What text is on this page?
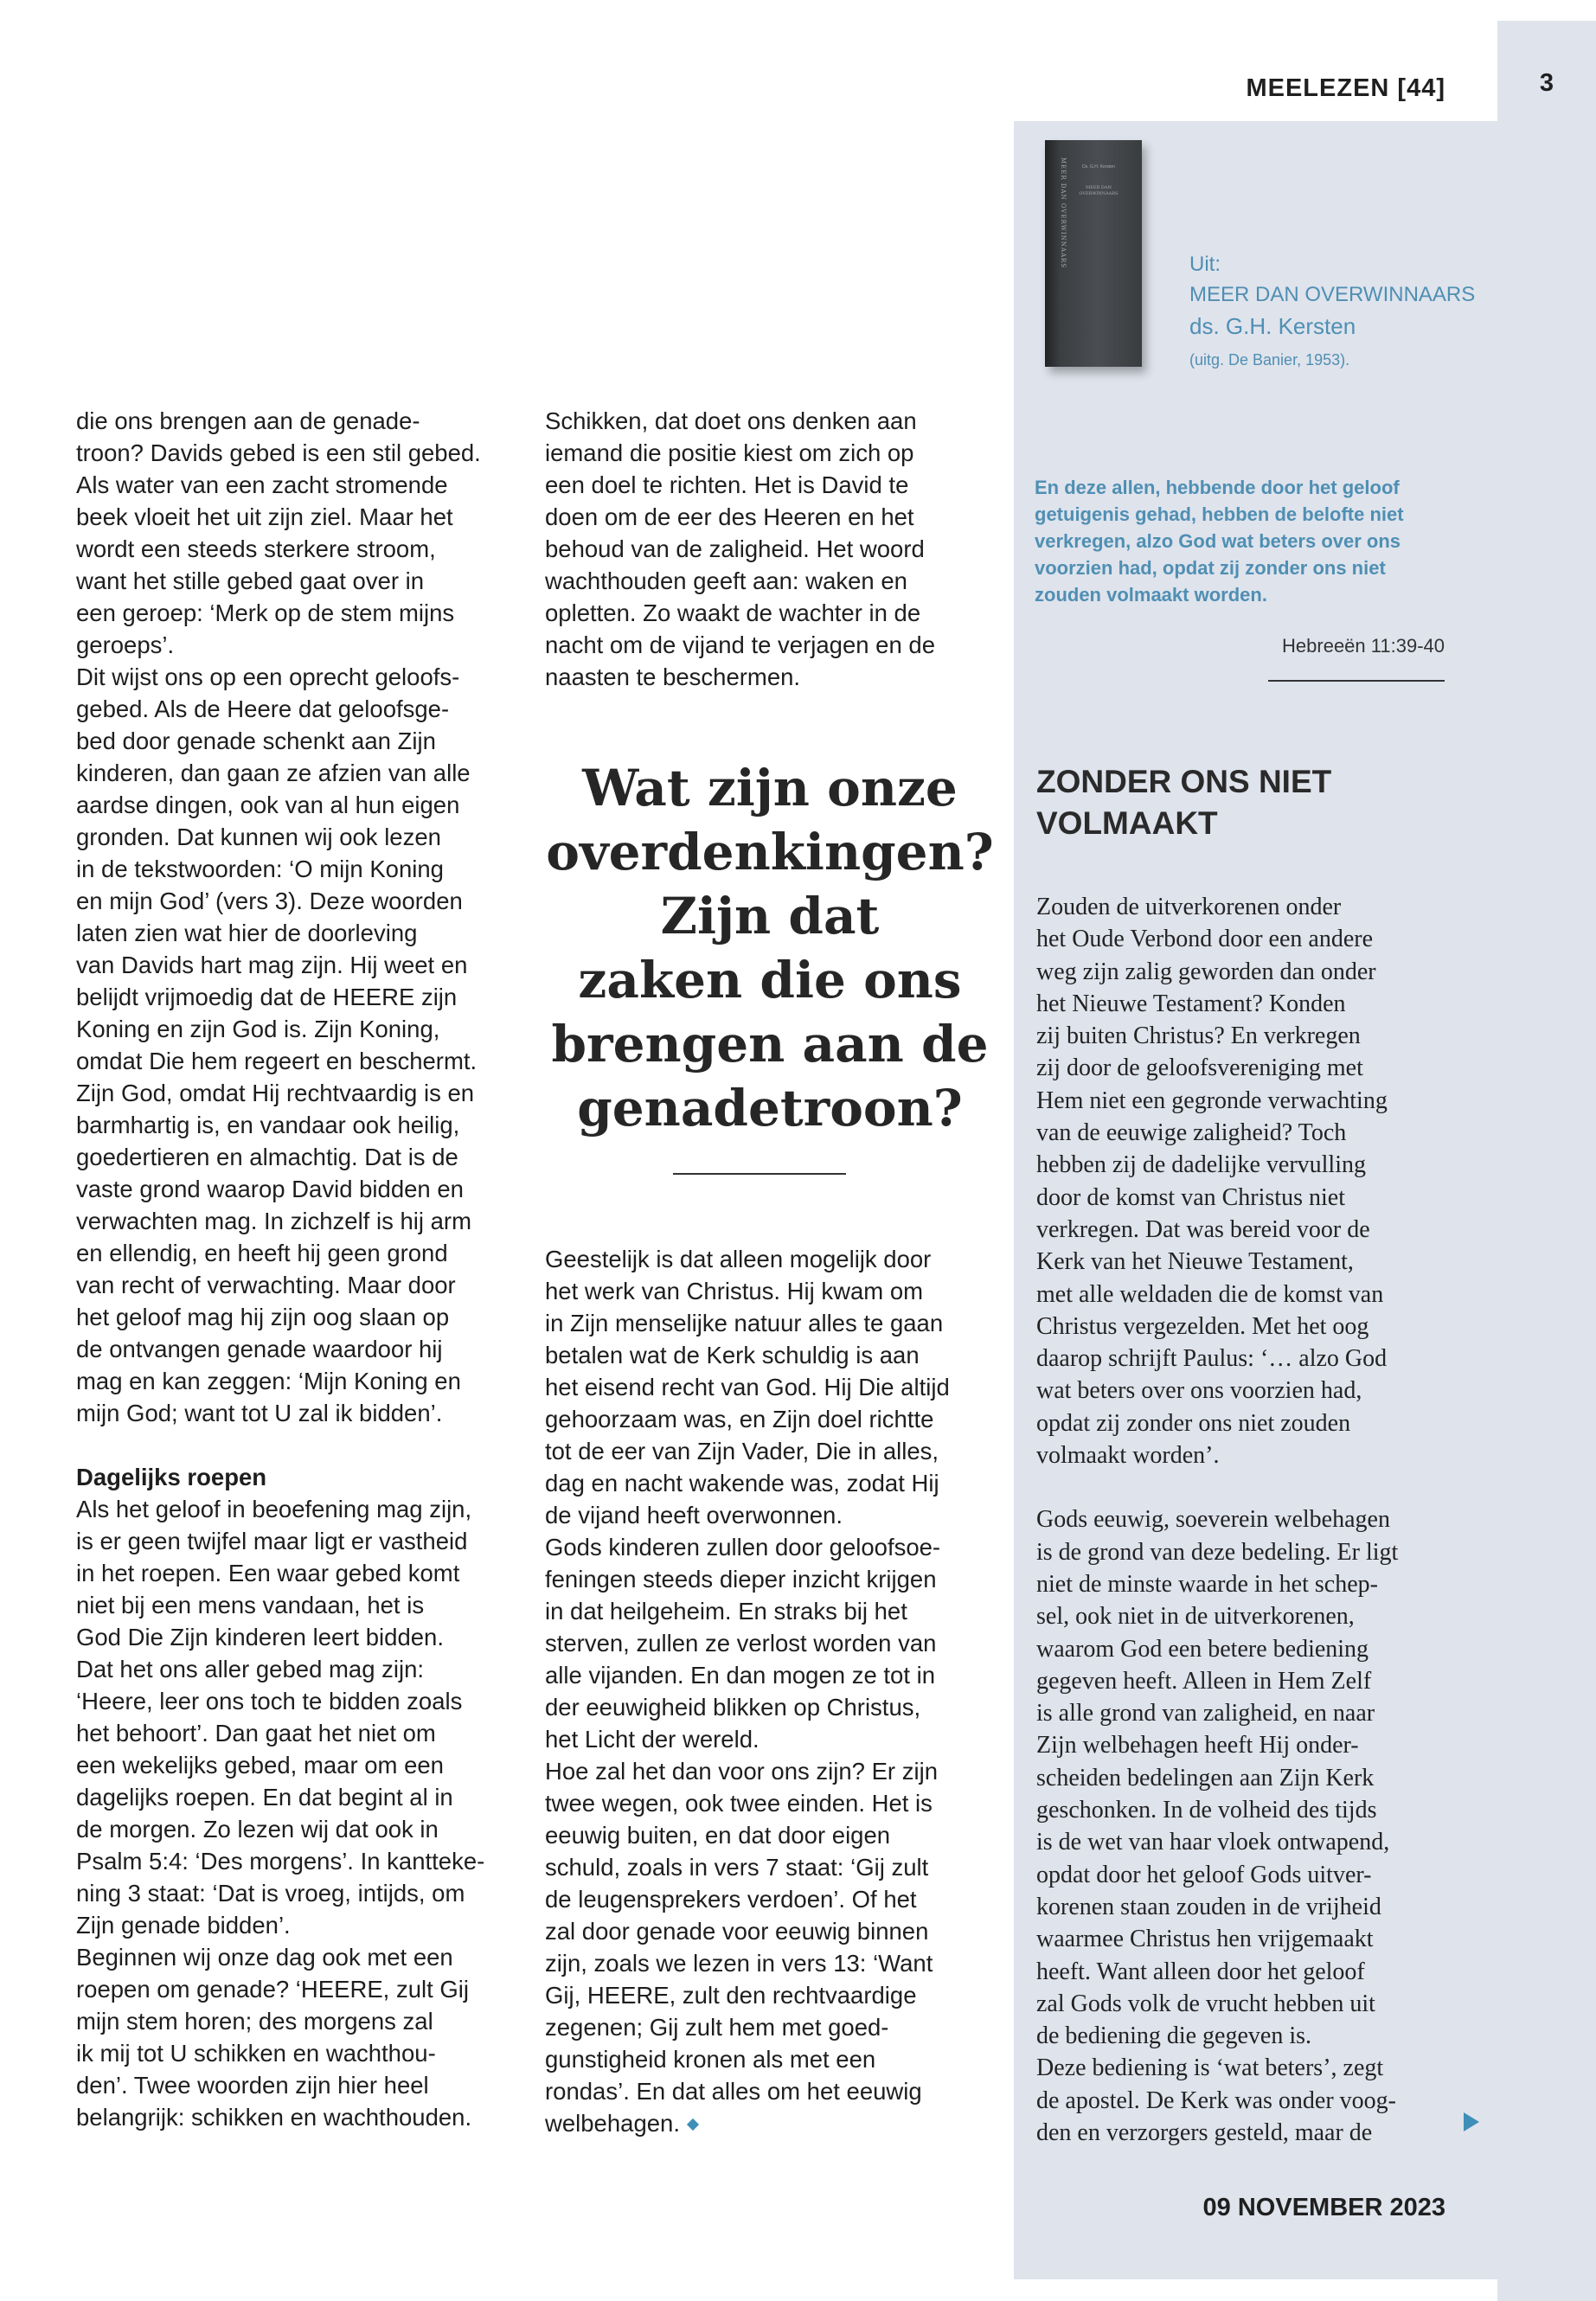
MEELEZEN [44]	3
Ds. G.H. Kersten
MEER DAN OVERWINNAARS
MEER DAN OVERWINNAARS	Uit:
MEER DAN OVERWINNAARS
ds. G.H. Kersten
(uitg. De Banier, 1953).
En deze allen, hebbende door het geloof
getuigenis gehad, hebben de belofte niet
verkregen, alzo God wat beters over ons
voorzien had, opdat zij zonder ons niet
zouden volmaakt worden.
Hebreeën 11:39-40
die ons brengen aan de genade-
troon? Davids gebed is een stil gebed.
Als water van een zacht stromende
beek vloeit het uit zijn ziel. Maar het
wordt een steeds sterkere stroom,
want het stille gebed gaat over in
een geroep: ‘Merk op de stem mijns
geroeps’.
Dit wijst ons op een oprecht geloofs-
gebed. Als de Heere dat geloofsge-
bed door genade schenkt aan Zijn
kinderen, dan gaan ze afzien van alle
aardse dingen, ook van al hun eigen
gronden. Dat kunnen wij ook lezen
in de tekstwoorden: ‘O mijn Koning
en mijn God’ (vers 3). Deze woorden
laten zien wat hier de doorleving
van Davids hart mag zijn. Hij weet en
belijdt vrijmoedig dat de HEERE zijn
Koning en zijn God is. Zijn Koning,
omdat Die hem regeert en beschermt.
Zijn God, omdat Hij rechtvaardig is en
barmhartig is, en vandaar ook heilig,
goedertieren en almachtig. Dat is de
vaste grond waarop David bidden en
verwachten mag. In zichzelf is hij arm
en ellendig, en heeft hij geen grond
van recht of verwachting. Maar door
het geloof mag hij zijn oog slaan op
de ontvangen genade waardoor hij
mag en kan zeggen: ‘Mijn Koning en
mijn God; want tot U zal ik bidden’.
Dagelijks roepen
Als het geloof in beoefening mag zijn,
is er geen twijfel maar ligt er vastheid
in het roepen. Een waar gebed komt
niet bij een mens vandaan, het is
God Die Zijn kinderen leert bidden.
Dat het ons aller gebed mag zijn:
‘Heere, leer ons toch te bidden zoals
het behoort’. Dan gaat het niet om
een wekelijks gebed, maar om een
dagelijks roepen. En dat begint al in
de morgen. Zo lezen wij dat ook in
Psalm 5:4: ‘Des morgens’. In kantteke-
ning 3 staat: ‘Dat is vroeg, intijds, om
Zijn genade bidden’.
Beginnen wij onze dag ook met een
roepen om genade? ‘HEERE, zult Gij
mijn stem horen; des morgens zal
ik mij tot U schikken en wachthou-
den’. Twee woorden zijn hier heel
belangrijk: schikken en wachthouden.
Schikken, dat doet ons denken aan
iemand die positie kiest om zich op
een doel te richten. Het is David te
doen om de eer des Heeren en het
behoud van de zaligheid. Het woord
wachthouden geeft aan: waken en
opletten. Zo waakt de wachter in de
nacht om de vijand te verjagen en de
naasten te beschermen.
Wat zijn onze
overdenkingen?
Zijn dat
zaken die ons
brengen aan de
genadetroon?
Geestelijk is dat alleen mogelijk door
het werk van Christus. Hij kwam om
in Zijn menselijke natuur alles te gaan
betalen wat de Kerk schuldig is aan
het eisend recht van God. Hij Die altijd
gehoorzaam was, en Zijn doel richtte
tot de eer van Zijn Vader, Die in alles,
dag en nacht wakende was, zodat Hij
de vijand heeft overwonnen.
Gods kinderen zullen door geloofsoe-
feningen steeds dieper inzicht krijgen
in dat heilgeheim. En straks bij het
sterven, zullen ze verlost worden van
alle vijanden. En dan mogen ze tot in
der eeuwigheid blikken op Christus,
het Licht der wereld.
Hoe zal het dan voor ons zijn? Er zijn
twee wegen, ook twee einden. Het is
eeuwig buiten, en dat door eigen
schuld, zoals in vers 7 staat: ‘Gij zult
de leugensprekers verdoen’. Of het
zal door genade voor eeuwig binnen
zijn, zoals we lezen in vers 13: ‘Want
Gij, HEERE, zult den rechtvaardige
zegenen; Gij zult hem met goed-
gunstigheid kronen als met een
rondas’. En dat alles om het eeuwig
welbehagen.
ZONDER ONS NIET
VOLMAAKT
Zouden de uitverkorenen onder
het Oude Verbond door een andere
weg zijn zalig geworden dan onder
het Nieuwe Testament? Konden
zij buiten Christus? En verkregen
zij door de geloofsvereniging met
Hem niet een gegronde verwachting
van de eeuwige zaligheid? Toch
hebben zij de dadelijke vervulling
door de komst van Christus niet
verkregen. Dat was bereid voor de
Kerk van het Nieuwe Testament,
met alle weldaden die de komst van
Christus vergezelden. Met het oog
daarop schrijft Paulus: ‘… alzo God
wat beters over ons voorzien had,
opdat zij zonder ons niet zouden
volmaakt worden’.
Gods eeuwig, soeverein welbehagen
is de grond van deze bedeling. Er ligt
niet de minste waarde in het schep-
sel, ook niet in de uitverkorenen,
waarom God een betere bediening
gegeven heeft. Alleen in Hem Zelf
is alle grond van zaligheid, en naar
Zijn welbehagen heeft Hij onder-
scheiden bedelingen aan Zijn Kerk
geschonken. In de volheid des tijds
is de wet van haar vloek ontwapend,
opdat door het geloof Gods uitver-
korenen staan zouden in de vrijheid
waarmee Christus hen vrijgemaakt
heeft. Want alleen door het geloof
zal Gods volk de vrucht hebben uit
de bediening die gegeven is.
Deze bediening is ‘wat beters’, zegt
de apostel. De Kerk was onder voog-
den en verzorgers gesteld, maar de
09 NOVEMBER 2023
